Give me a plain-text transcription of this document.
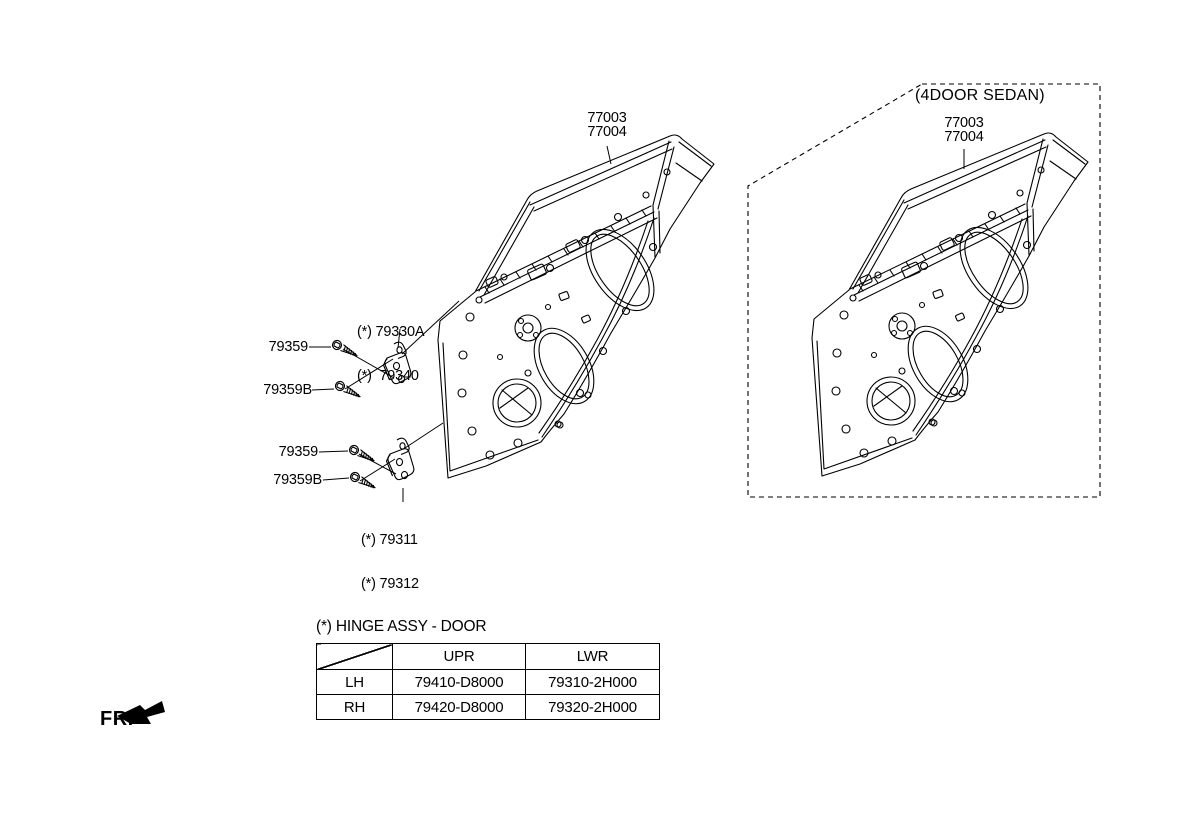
77003
77004
(4DOOR SEDAN)
77003
77004

(*) 79330A

(*)  79340

79359
79359B
79359
79359B

(*) 79311

(*) 79312

(*) HINGE ASSY - DOOR
	UPR	LWR
LH	79410-D8000	79310-2H000
RH	79420-D8000	79320-2H000
FR.
